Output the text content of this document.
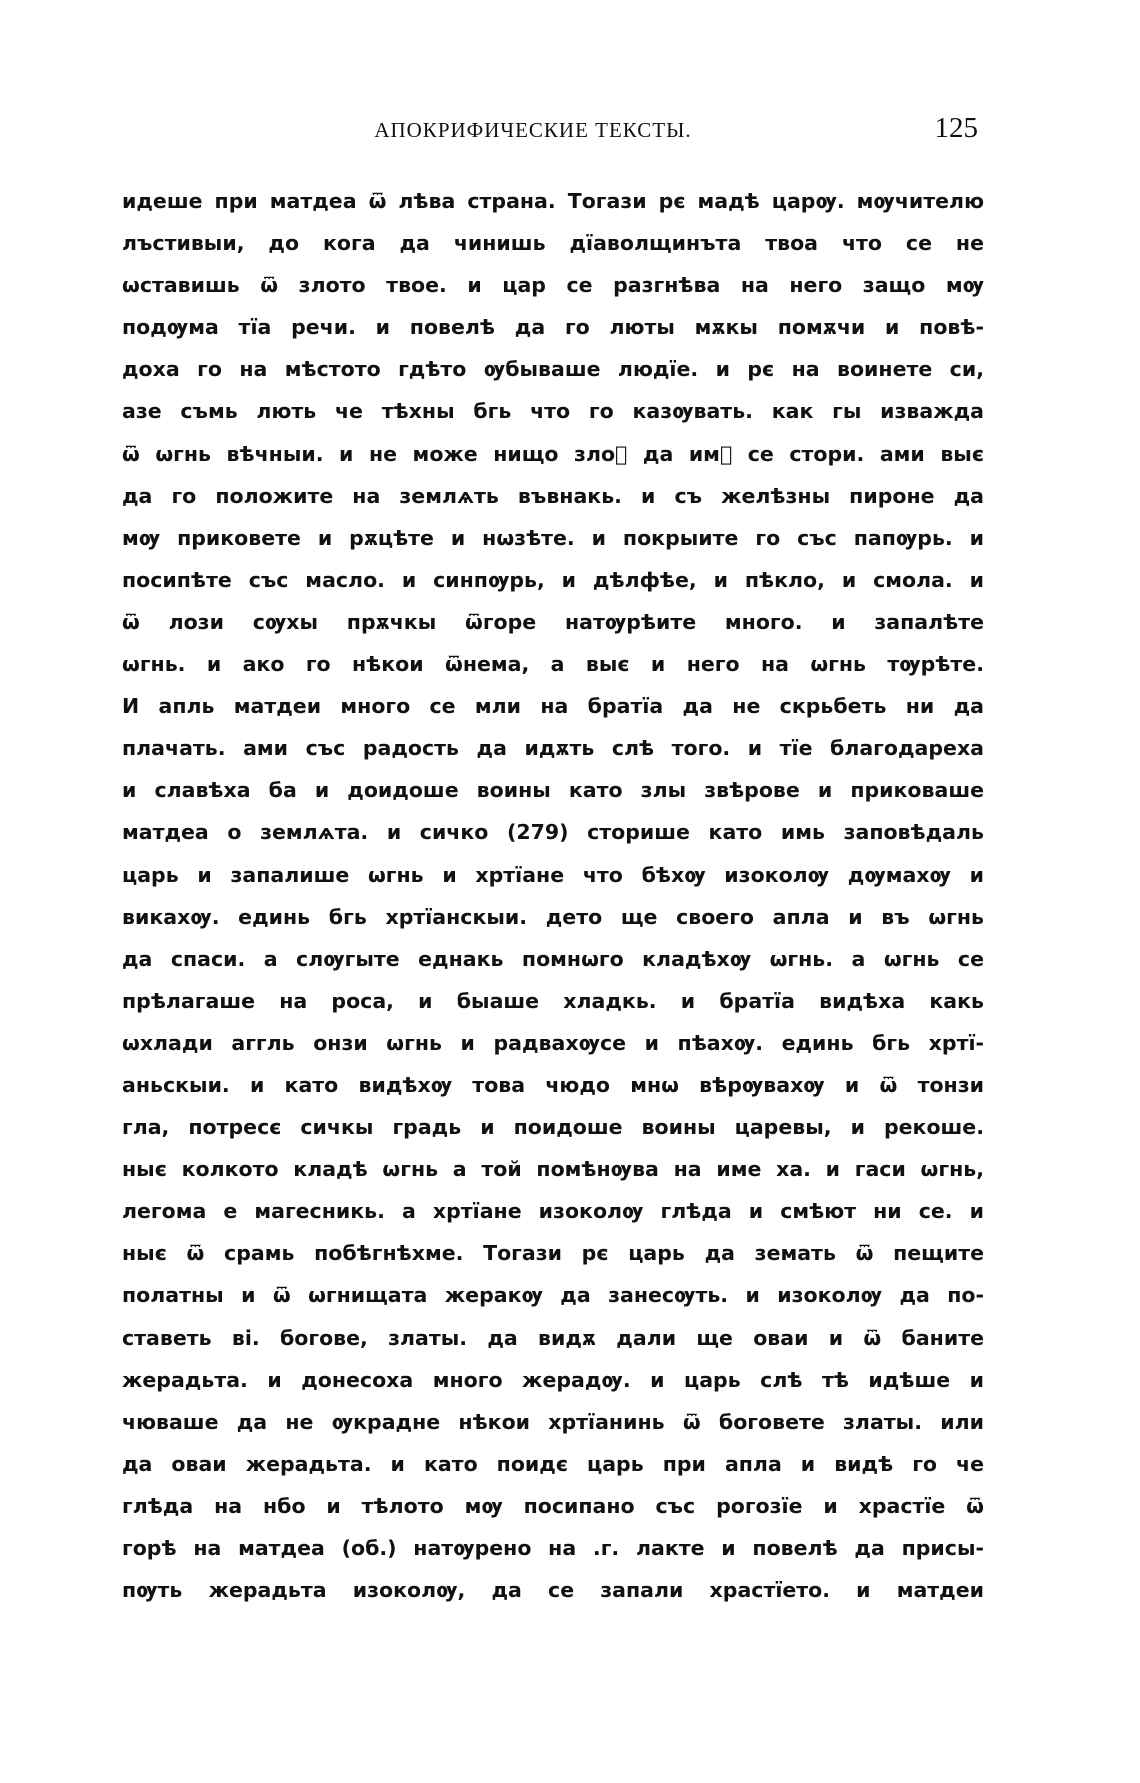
АПОКРИФИЧЕСКИЕ ТЕКСТЫ.	125
идеше при матдеа ѿ лѣва страна. Тогази рє мадѣ царѹ. мѹчителю
лъстивыи, до кога да чинишь дїаволщинъта твоа что се не
ѡставишь ѿ злото твое. и цар се разгнѣва на него защо мѹ
подѹма тїа речи. и повелѣ да го люты мѫкы помѫчи и повѣ-
доха го на мѣстото гдѣто ѹбываше людїе. и рє на воинете си,
азе съмь лють че тѣхны бгь что го казѹвать. как гы изважда
ѿ ѡгнь вѣчныи. и не може нищо злоⷭ да имⷭ се стори. ами выє
да го положите на землѧть въвнакь. и съ желѣзны пироне да
мѹ приковете и рѫцѣте и нѡзѣте. и покрыите го със папѹрь. и
посипѣте със масло. и синпѹрь, и дѣлфѣе, и пѣкло, и смола. и
ѿ лози сѹхы прѫчкы ѿгоре натѹрѣите много. и запалѣте
ѡгнь. и ако го нѣкои ѿнема, а выє и него на ѡгнь тѹрѣте.
И апль матдеи много се мли на братїа да не скрьбеть ни да
плачать. ами със радость да идѫть слѣ того. и тїе благодареха
и славѣха ба и доидоше воины като злы звѣрове и приковаше
матдеа о землѧта. и сичко (279) сторише като имь заповѣдаль
царь и запалише ѡгнь и хртїане что бѣхѹ изоколѹ дѹмахѹ и
викахѹ. единь бгь хртїанскыи. дето ще своего апла и въ ѡгнь
да спаси. а слѹгыте еднакь помнѡго кладѣхѹ ѡгнь. а ѡгнь се
прѣлагаше на роса, и быаше хладкь. и братїа видѣха какь
ѡхлади аггль онзи ѡгнь и радвахѹсе и пѣахѹ. единь бгь хртї-
аньскыи. и като видѣхѹ това чюдо мнѡ вѣрѹвахѹ и ѿ тонзи
гла, потресє сичкы градь и поидоше воины царевы, и рекоше.
ныє колкото кладѣ ѡгнь а той помѣнѹва на име ха. и гаси ѡгнь,
легома е магесникь. а хртїане изоколѹ глѣда и смѣют ни се. и
ныє ѿ срамь побѣгнѣхме. Тогази рє царь да земать ѿ пещите
полатны и ѿ ѡгнищата жеракѹ да занесѹть. и изоколѹ да по-
ставеть ві. богове, златы. да видѫ дали ще оваи и ѿ баните
жерадьта. и донесоха много жерадѹ. и царь слѣ тѣ идѣше и
чюваше да не ѹкрадне нѣкои хртїанинь ѿ боговете златы. или
да оваи жерадьта. и като поидє царь при апла и видѣ го че
глѣда на нбо и тѣлото мѹ посипано със рогозїе и храстїе ѿ
горѣ на матдеа (об.) натѹрено на .г. лакте и повелѣ да присы-
пѹть жерадьта изоколѹ, да се запали храстїето. и матдеи
